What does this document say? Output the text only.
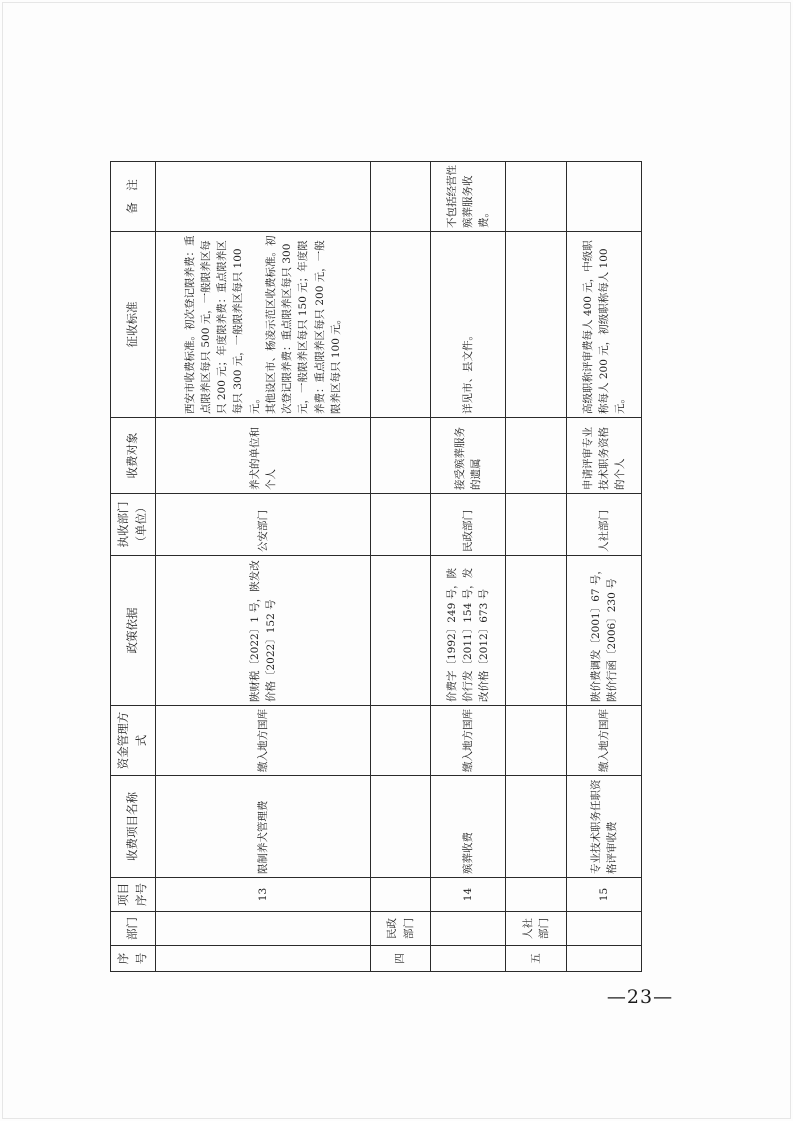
序号	部门	项目序号	收费项目名称	资金管理方式	政策依据	执收部门（单位）	收费对象	征收标准	备　注
		13	限制养犬管理费	缴入地方国库	陕财税〔2022〕1 号，陕发改价格〔2022〕152 号	公安部门	养犬的单位和个人	西安市收费标准。初次登记限养费：重点限养区每只 500 元，一般限养区每只 200 元；年度限养费：重点限养区每只 300 元，一般限养区每只 100 元。 其他设区市、杨凌示范区收费标准。初次登记限养费：重点限养区每只 300 元，一般限养区每只 150 元；年度限养费：重点限养区每只 200 元，一般限养区每只 100 元。	

四	民政部门								
		14	殡葬收费	缴入地方国库	价费字〔1992〕249 号，陕价行发〔2011〕154 号，发改价格〔2012〕673 号	民政部门	接受殡葬服务的遗属	详见市、县文件。	不包括经营性殡葬服务收费。
五	人社部门								
		15	专业技术职务任职资格评审收费	缴入地方国库	陕价费调发〔2001〕67 号，陕价行函〔2006〕230 号	人社部门	申请评审专业技术职务资格的个人	高级职称评审费每人 400 元，中级职称每人 200 元，初级职称每人 100 元。	

—23—
